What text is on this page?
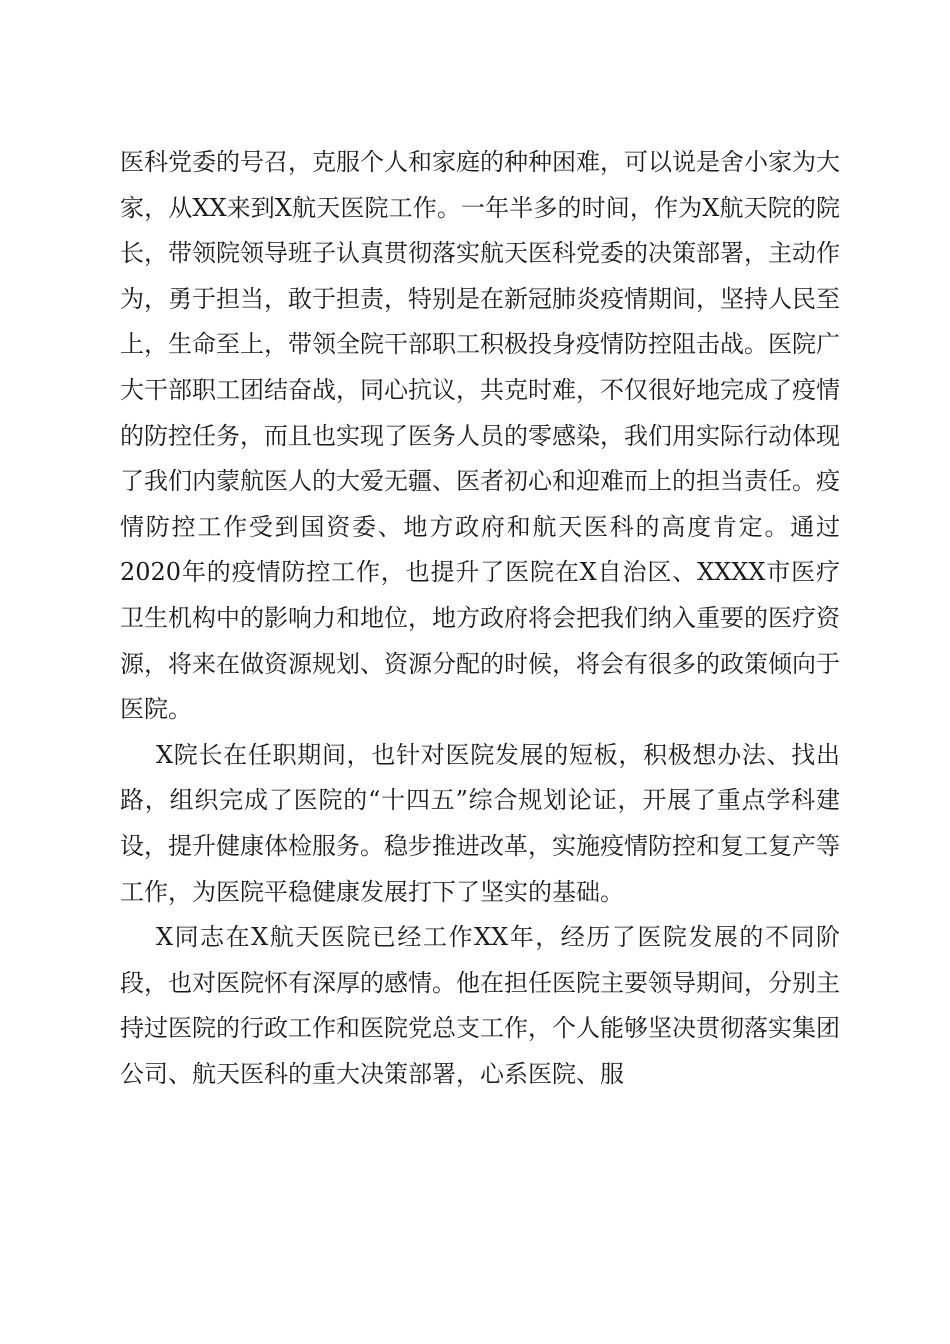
医科党委的号召，克服个人和家庭的种种困难，可以说是舍小家为大家，从XX来到X航天医院工作。一年半多的时间，作为X航天院的院长，带领院领导班子认真贯彻落实航天医科党委的决策部署，主动作为，勇于担当，敢于担责，特别是在新冠肺炎疫情期间，坚持人民至上，生命至上，带领全院干部职工积极投身疫情防控阻击战。医院广大干部职工团结奋战，同心抗议，共克时难，不仅很好地完成了疫情的防控任务，而且也实现了医务人员的零感染，我们用实际行动体现了我们内蒙航医人的大爱无疆、医者初心和迎难而上的担当责任。疫情防控工作受到国资委、地方政府和航天医科的高度肯定。通过2020年的疫情防控工作，也提升了医院在X自治区、XXXX市医疗卫生机构中的影响力和地位，地方政府将会把我们纳入重要的医疗资源，将来在做资源规划、资源分配的时候，将会有很多的政策倾向于医院。

X院长在任职期间，也针对医院发展的短板，积极想办法、找出路，组织完成了医院的“十四五”综合规划论证，开展了重点学科建设，提升健康体检服务。稳步推进改革，实施疫情防控和复工复产等工作，为医院平稳健康发展打下了坚实的基础。

X同志在X航天医院已经工作XX年，经历了医院发展的不同阶段，也对医院怀有深厚的感情。他在担任医院主要领导期间，分别主持过医院的行政工作和医院党总支工作，个人能够坚决贯彻落实集团公司、航天医科的重大决策部署，心系医院、服
